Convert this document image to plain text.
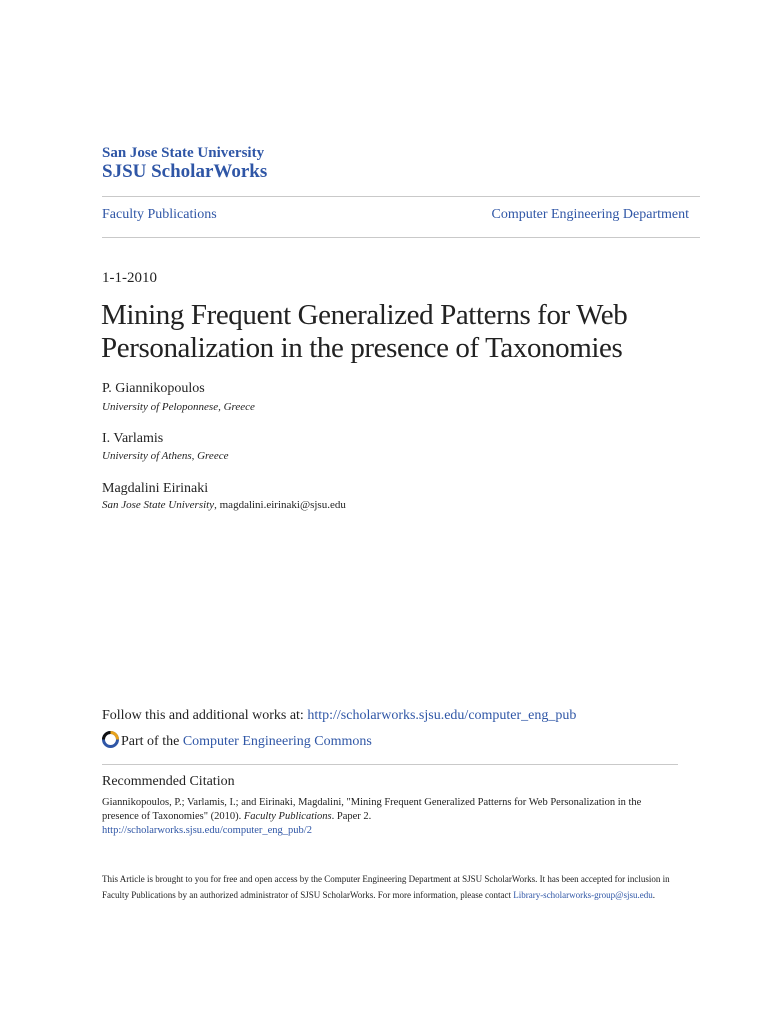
San Jose State University
SJSU ScholarWorks
Faculty Publications	Computer Engineering Department
1-1-2010
Mining Frequent Generalized Patterns for Web Personalization in the presence of Taxonomies
P. Giannikopoulos
University of Peloponnese, Greece
I. Varlamis
University of Athens, Greece
Magdalini Eirinaki
San Jose State University, magdalini.eirinaki@sjsu.edu
Follow this and additional works at: http://scholarworks.sjsu.edu/computer_eng_pub
Part of the Computer Engineering Commons
Recommended Citation
Giannikopoulos, P.; Varlamis, I.; and Eirinaki, Magdalini, "Mining Frequent Generalized Patterns for Web Personalization in the presence of Taxonomies" (2010). Faculty Publications. Paper 2.
http://scholarworks.sjsu.edu/computer_eng_pub/2
This Article is brought to you for free and open access by the Computer Engineering Department at SJSU ScholarWorks. It has been accepted for inclusion in Faculty Publications by an authorized administrator of SJSU ScholarWorks. For more information, please contact Library-scholarworks-group@sjsu.edu.
